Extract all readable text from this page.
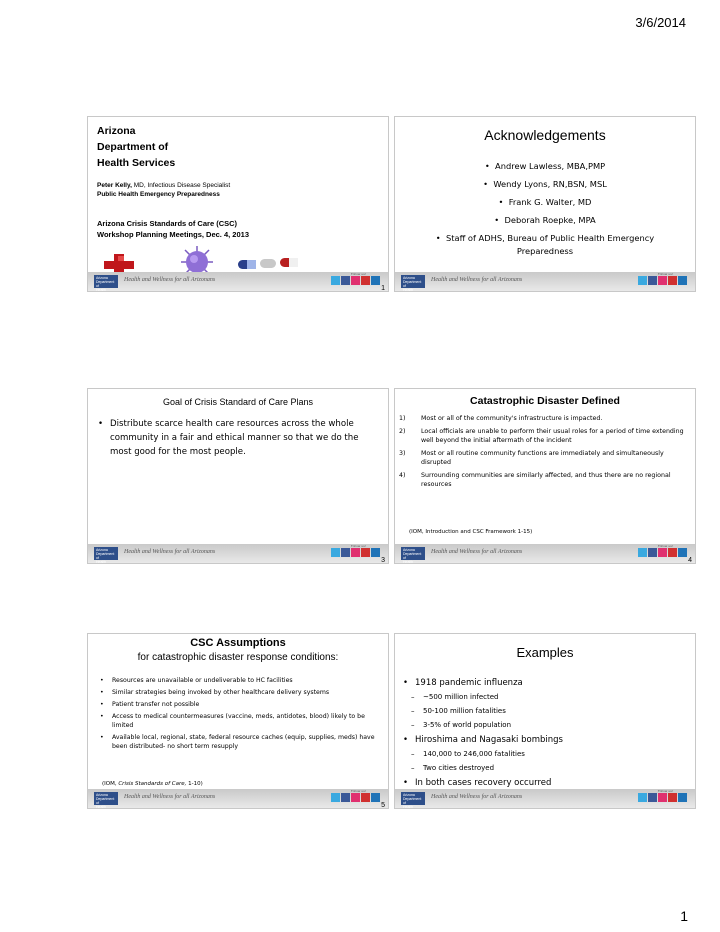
3/6/2014
Arizona
Department of
Health Services
Peter Kelly, MD, Infectious Disease Specialist
Public Health Emergency Preparedness
Arizona Crisis Standards of Care (CSC)
Workshop Planning Meetings, Dec. 4, 2013
Arizona
Department of
Health Services
Health and Wellness for all Arizonans
Follow us!
1
Acknowledgements
•  Andrew Lawless, MBA,PMP
•  Wendy Lyons, RN,BSN, MSL
•  Frank G. Walter, MD
•  Deborah Roepke, MPA
•  Staff of ADHS, Bureau of Public Health Emergency Preparedness
Arizona
Department of
Health Services
Health and Wellness for all Arizonans
Follow us!
Goal of Crisis Standard of Care Plans
• Distribute scarce health care resources across the whole community in a fair and ethical manner so that we do the most good for the most people.
Arizona
Department of
Health Services
Health and Wellness for all Arizonans
Follow us!
3
Catastrophic Disaster Defined
1) Most or all of the community's infrastructure is impacted.
2) Local officials are unable to perform their usual roles for a period of time extending well beyond the initial aftermath of the incident
3) Most or all routine community functions are immediately and simultaneously disrupted
4) Surrounding communities are similarly affected, and thus there are no regional resources
(IOM, Introduction and CSC Framework 1-15)
Arizona
Department of
Health Services
Health and Wellness for all Arizonans
Follow us!
4
CSC Assumptions
for catastrophic disaster response conditions:
• Resources are unavailable or undeliverable to HC facilities
• Similar strategies being invoked by other healthcare delivery systems
• Patient transfer not possible
• Access to medical countermeasures (vaccine, meds, antidotes, blood) likely to be limited
• Available local, regional, state, federal resource caches (equip, supplies, meds) have been distributed- no short term resupply
(IOM, Crisis Standards of Care, 1-10)
Arizona
Department of
Health Services
Health and Wellness for all Arizonans
Follow us!
5
Examples
• 1918 pandemic influenza
– ~500 million infected
– 50-100 million fatalities
– 3-5% of world population
• Hiroshima and Nagasaki bombings
– 140,000 to 246,000 fatalities
– Two cities destroyed
• In both cases recovery occurred
Arizona
Department of
Health Services
Health and Wellness for all Arizonans
Follow us!
1
